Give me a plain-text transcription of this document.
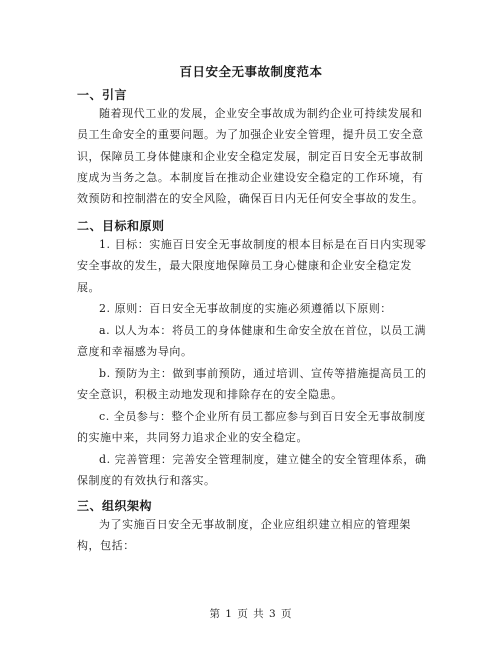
百日安全无事故制度范本
一、引言

随着现代工业的发展，企业安全事故成为制约企业可持续发展和
员工生命安全的重要问题。为了加强企业安全管理，提升员工安全意
识，保障员工身体健康和企业安全稳定发展，制定百日安全无事故制
度成为当务之急。本制度旨在推动企业建设安全稳定的工作环境，有
效预防和控制潜在的安全风险，确保百日内无任何安全事故的发生。

二、目标和原则

1. 目标：实施百日安全无事故制度的根本目标是在百日内实现零
安全事故的发生，最大限度地保障员工身心健康和企业安全稳定发
展。

2. 原则：百日安全无事故制度的实施必须遵循以下原则：

a. 以人为本：将员工的身体健康和生命安全放在首位，以员工满
意度和幸福感为导向。

b. 预防为主：做到事前预防，通过培训、宣传等措施提高员工的
安全意识，积极主动地发现和排除存在的安全隐患。

c. 全员参与：整个企业所有员工都应参与到百日安全无事故制度
的实施中来，共同努力追求企业的安全稳定。

d. 完善管理：完善安全管理制度，建立健全的安全管理体系，确
保制度的有效执行和落实。

三、组织架构

为了实施百日安全无事故制度，企业应组织建立相应的管理架
构，包括：

第 1 页 共 3 页
